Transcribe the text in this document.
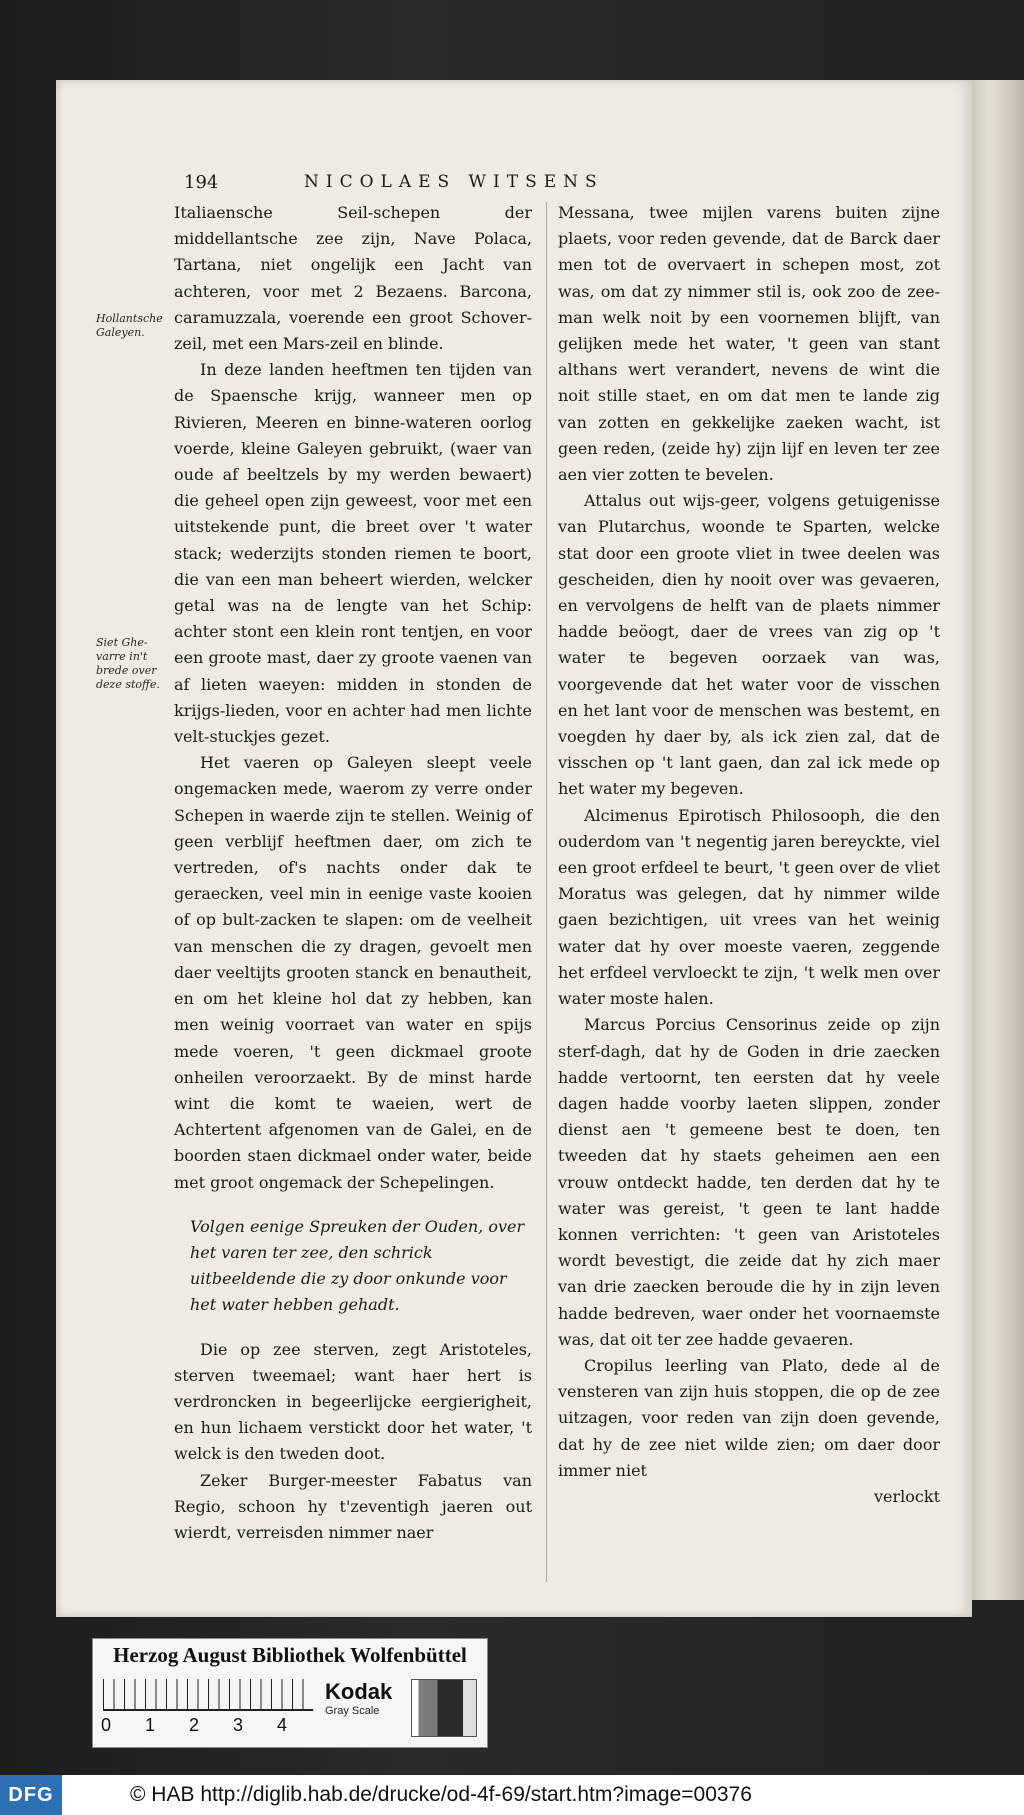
194	NICOLAES WITSENS
Hollantsche Galeyen.
Siet Ghe-varre in't brede over deze stoffe.

Italiaensche Seil-schepen der middellantsche zee zijn, Nave Polaca, Tartana, niet ongelijk een Jacht van achteren, voor met 2 Bezaens. Barcona, caramuzzala, voerende een groot Schover-zeil, met een Mars-zeil en blinde.

In deze landen heeftmen ten tijden van de Spaensche krijg, wanneer men op Rivieren, Meeren en binne-wateren oorlog voerde, kleine Galeyen gebruikt, (waer van oude af beeltzels by my werden bewaert) die geheel open zijn geweest, voor met een uitstekende punt, die breet over 't water stack; wederzijts stonden riemen te boort, die van een man beheert wierden, welcker getal was na de lengte van het Schip: achter stont een klein ront tentjen, en voor een groote mast, daer zy groote vaenen van af lieten waeyen: midden in stonden de krijgs-lieden, voor en achter had men lichte velt-stuckjes gezet.

Het vaeren op Galeyen sleept veele ongemacken mede, waerom zy verre onder Schepen in waerde zijn te stellen. Weinig of geen verblijf heeftmen daer, om zich te vertreden, of's nachts onder dak te geraecken, veel min in eenige vaste kooien of op bult-zacken te slapen: om de veelheit van menschen die zy dragen, gevoelt men daer veeltijts grooten stanck en benautheit, en om het kleine hol dat zy hebben, kan men weinig voorraet van water en spijs mede voeren, 't geen dickmael groote onheilen veroorzaekt. By de minst harde wint die komt te waeien, wert de Achtertent afgenomen van de Galei, en de boorden staen dickmael onder water, beide met groot ongemack der Schepelingen.

Volgen eenige Spreuken der Ouden, over het varen ter zee, den schrick uitbeeldende die zy door onkunde voor het water hebben gehadt.

Die op zee sterven, zegt Aristoteles, sterven tweemael; want haer hert is verdroncken in begeerlijcke eergierigheit, en hun lichaem verstickt door het water, 't welck is den tweden doot.

Zeker Burger-meester Fabatus van Regio, schoon hy t'zeventigh jaeren out wierdt, verreisden nimmer naer

Messana, twee mijlen varens buiten zijne plaets, voor reden gevende, dat de Barck daer men tot de overvaert in schepen most, zot was, om dat zy nimmer stil is, ook zoo de zee-man welk noit by een voornemen blijft, van gelijken mede het water, 't geen van stant althans wert verandert, nevens de wint die noit stille staet, en om dat men te lande zig van zotten en gekkelijke zaeken wacht, ist geen reden, (zeide hy) zijn lijf en leven ter zee aen vier zotten te bevelen.

Attalus out wijs-geer, volgens getuigenisse van Plutarchus, woonde te Sparten, welcke stat door een groote vliet in twee deelen was gescheiden, dien hy nooit over was gevaeren, en vervolgens de helft van de plaets nimmer hadde beöogt, daer de vrees van zig op 't water te begeven oorzaek van was, voorgevende dat het water voor de visschen en het lant voor de menschen was bestemt, en voegden hy daer by, als ick zien zal, dat de visschen op 't lant gaen, dan zal ick mede op het water my begeven.

Alcimenus Epirotisch Philosooph, die den ouderdom van 't negentig jaren bereyckte, viel een groot erfdeel te beurt, 't geen over de vliet Moratus was gelegen, dat hy nimmer wilde gaen bezichtigen, uit vrees van het weinig water dat hy over moeste vaeren, zeggende het erfdeel vervloeckt te zijn, 't welk men over water moste halen.

Marcus Porcius Censorinus zeide op zijn sterf-dagh, dat hy de Goden in drie zaecken hadde vertoornt, ten eersten dat hy veele dagen hadde voorby laeten slippen, zonder dienst aen 't gemeene best te doen, ten tweeden dat hy staets geheimen aen een vrouw ontdeckt hadde, ten derden dat hy te water was gereist, 't geen te lant hadde konnen verrichten: 't geen van Aristoteles wordt bevestigt, die zeide dat hy zich maer van drie zaecken beroude die hy in zijn leven hadde bedreven, waer onder het voornaemste was, dat oit ter zee hadde gevaeren.

Cropilus leerling van Plato, dede al de vensteren van zijn huis stoppen, die op de zee uitzagen, voor reden van zijn doen gevende, dat hy de zee niet wilde zien; om daer door immer niet

verlockt

Herzog August Bibliothek Wolfenbüttel
0 1 2 3 4
Kodak
Gray Scale
DFG	© HAB http://diglib.hab.de/drucke/od-4f-69/start.htm?image=00376
